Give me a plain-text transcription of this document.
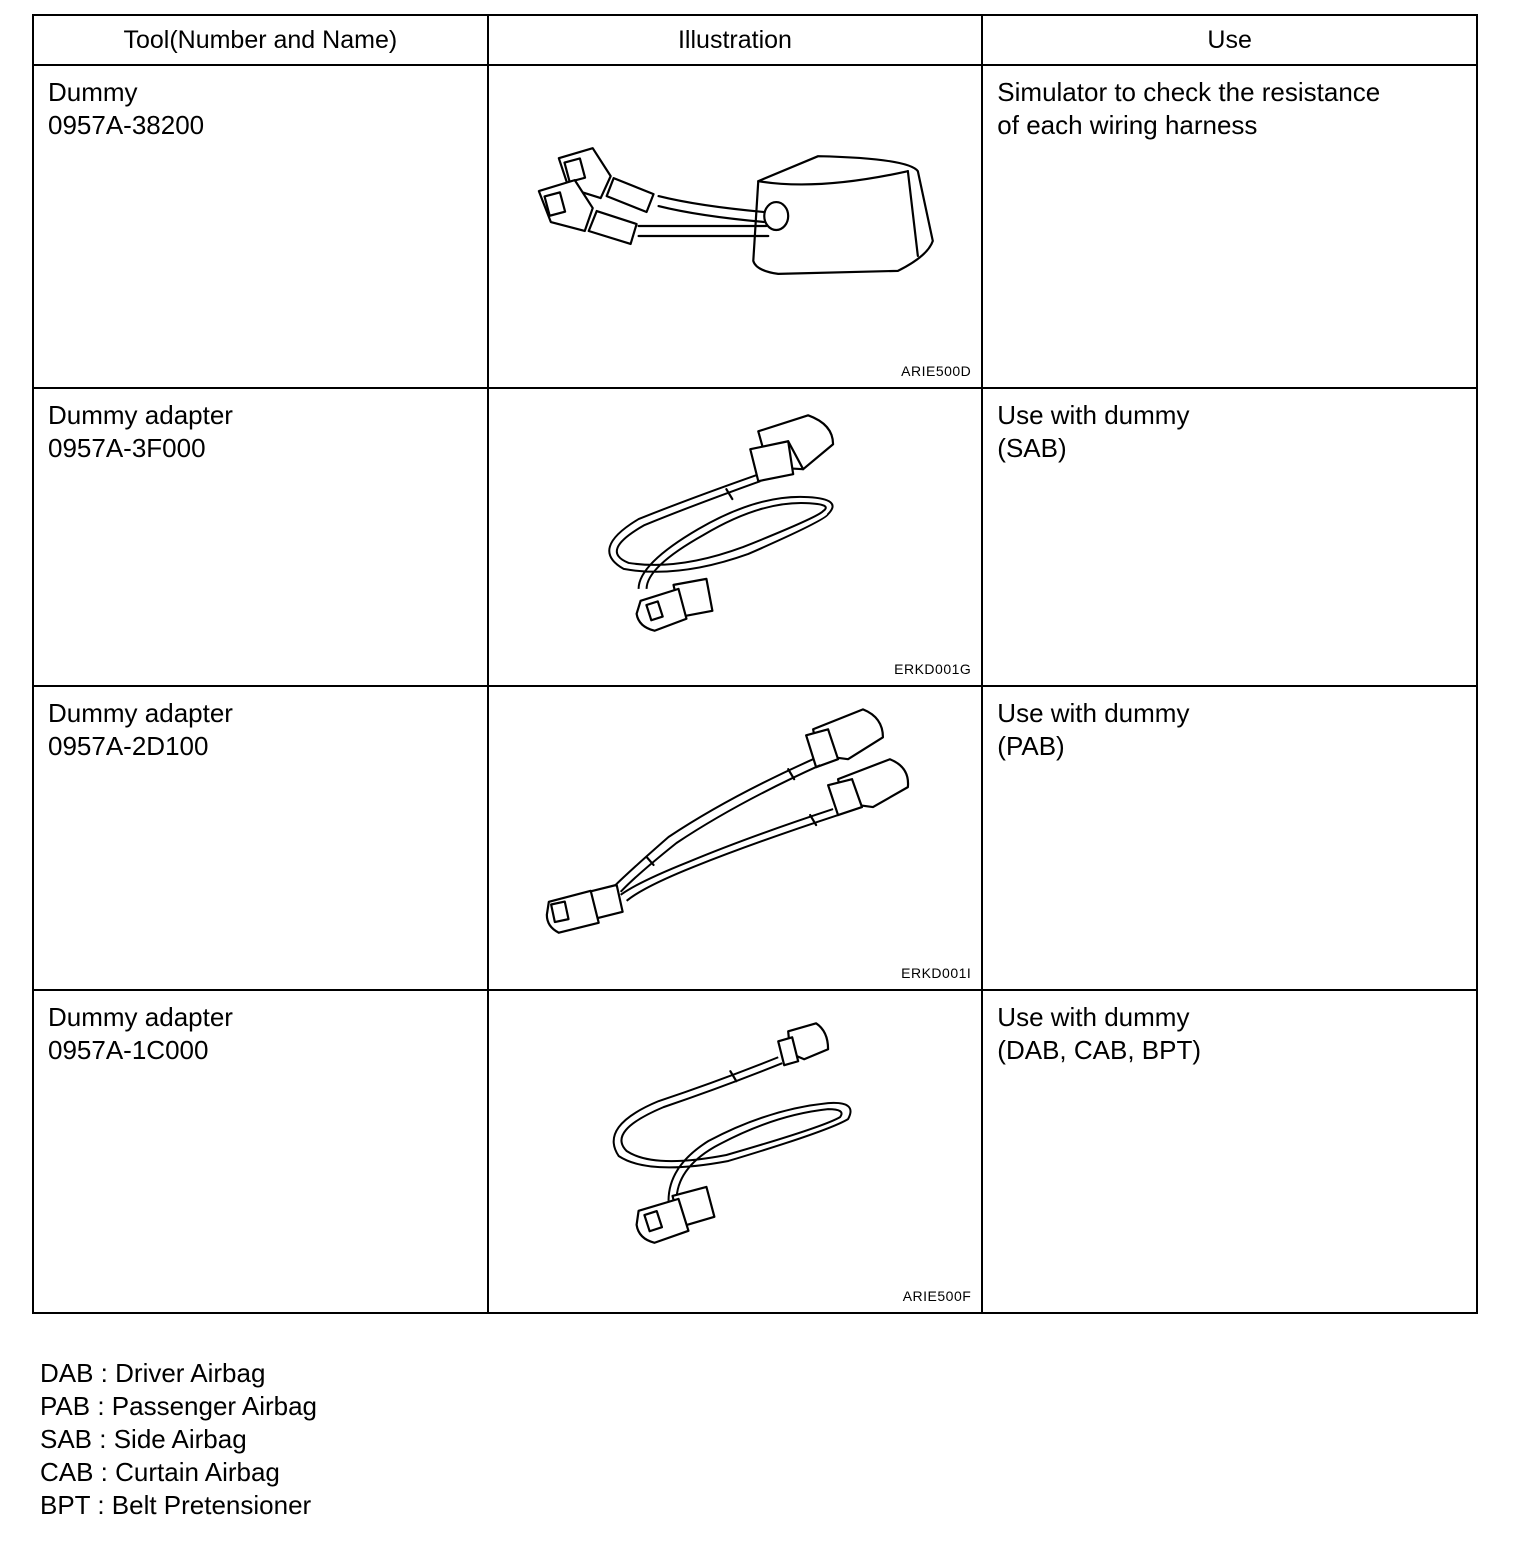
Tool(Number and Name)	Illustration	Use

Dummy
0957A-38200	ARIE500D	Simulator to check the resistance
of each wiring harness

Dummy adapter
0957A-3F000	ERKD001G	Use with dummy
(SAB)

Dummy adapter
0957A-2D100	ERKD001I	Use with dummy
(PAB)

Dummy adapter
0957A-1C000	ARIE500F	Use with dummy
(DAB, CAB, BPT)
DAB : Driver Airbag
PAB : Passenger Airbag
SAB : Side Airbag
CAB : Curtain Airbag
BPT : Belt Pretensioner
